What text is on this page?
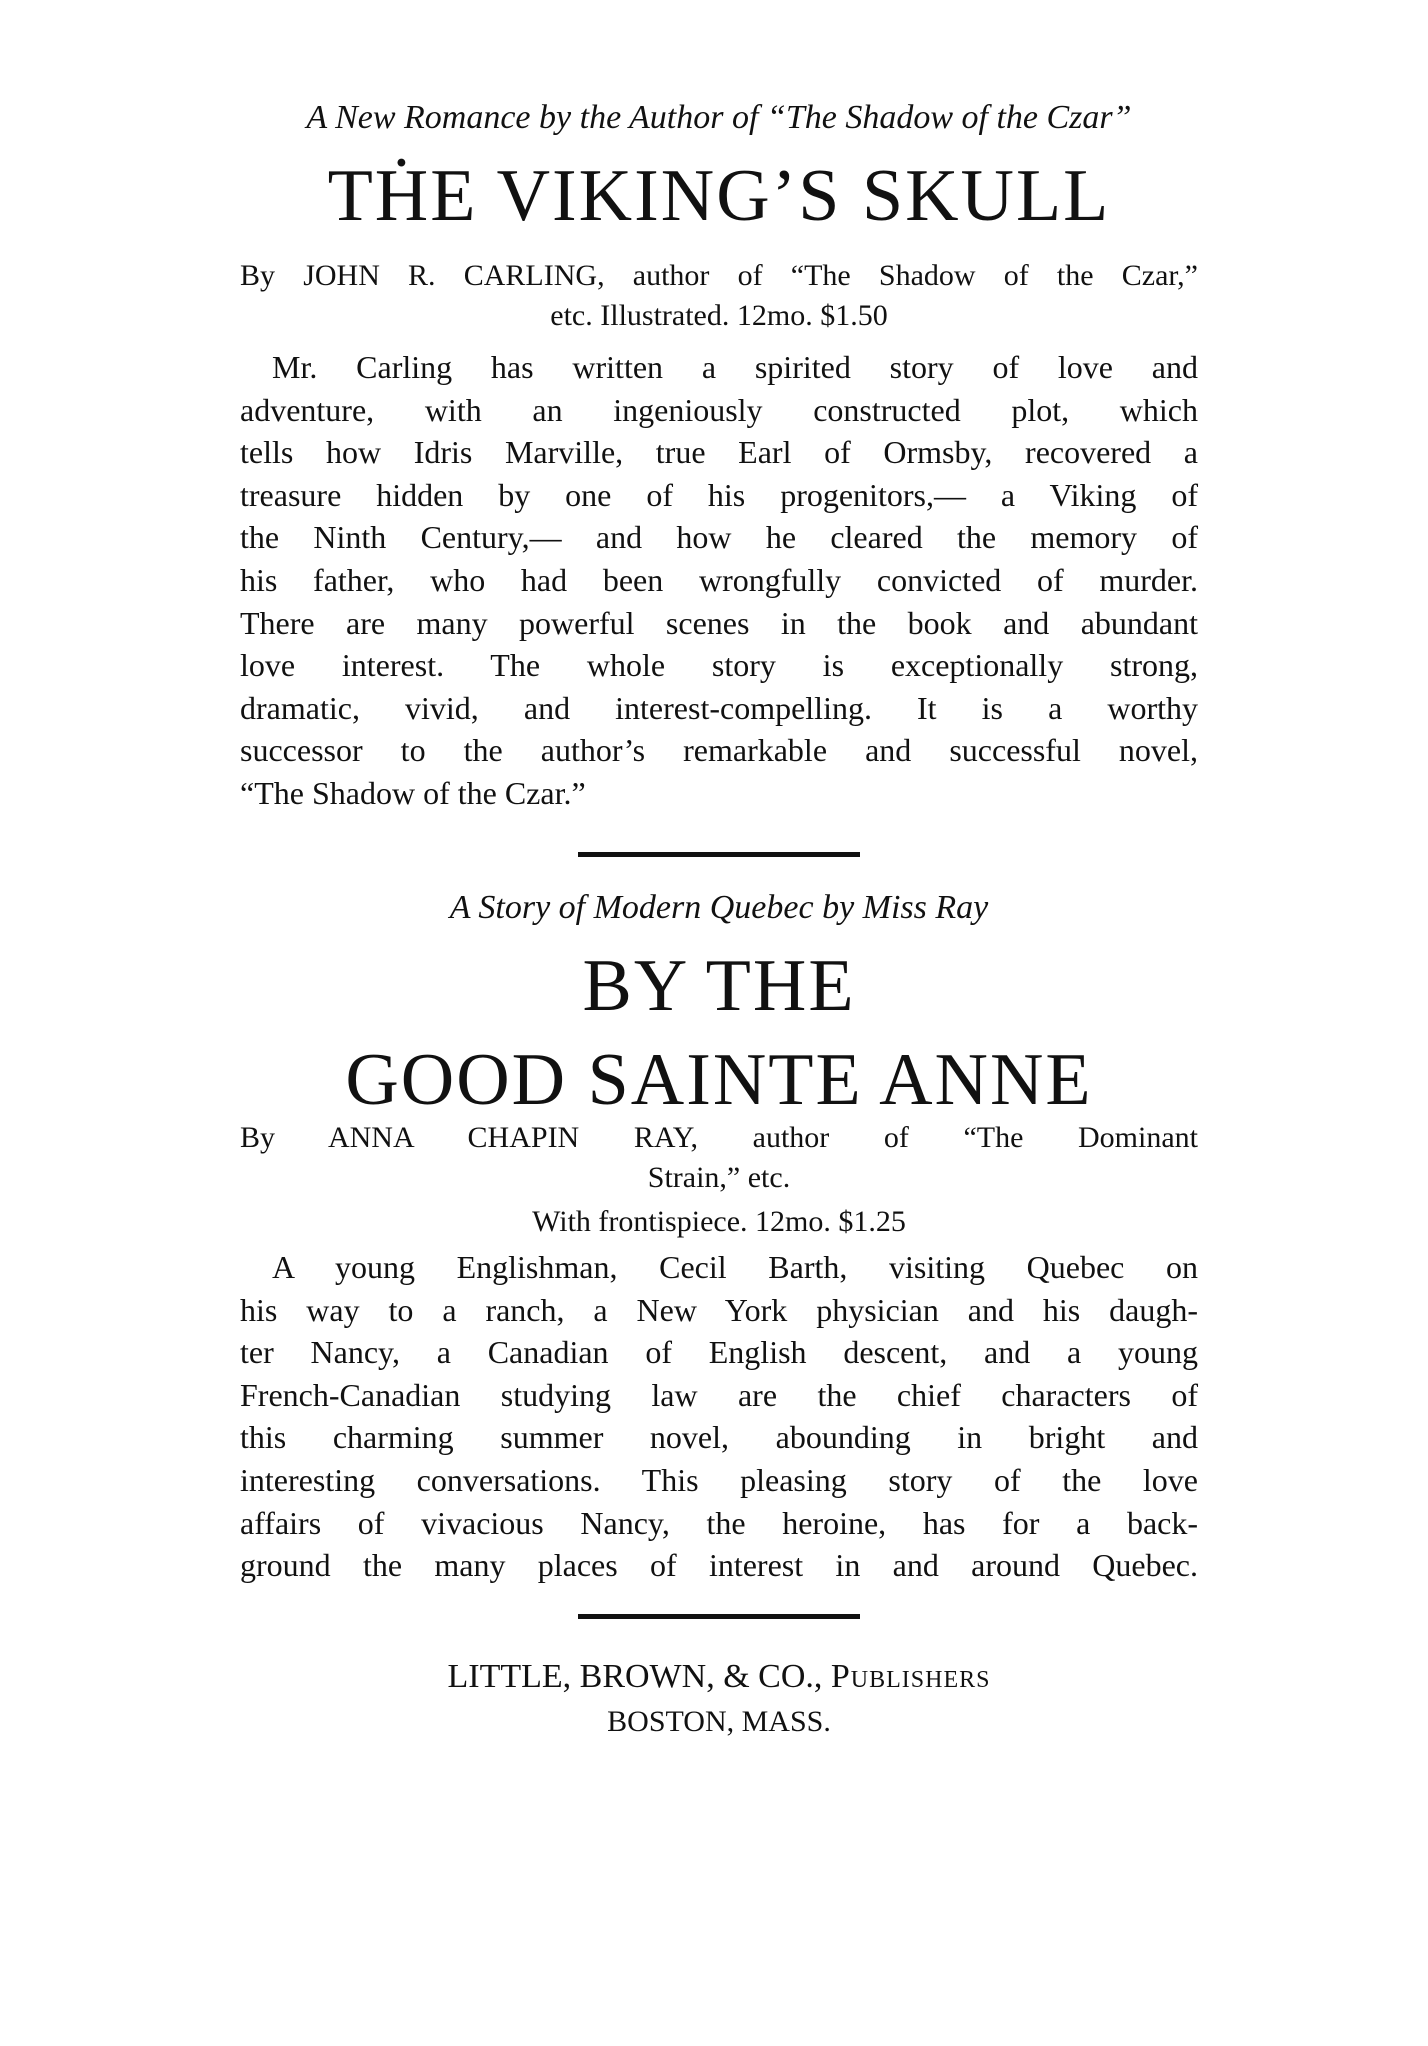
A New Romance by the Author of “The Shadow of the Czar”
TḢE VIKING’S SKULL
By JOHN R. CARLING, author of “The Shadow of the Czar,”
etc. Illustrated. 12mo. $1.50
Mr. Carling has written a spirited story of love and
adventure, with an ingeniously constructed plot, which
tells how Idris Marville, true Earl of Ormsby, recovered a
treasure hidden by one of his progenitors,— a Viking of
the Ninth Century,— and how he cleared the memory of
his father, who had been wrongfully convicted of murder.
There are many powerful scenes in the book and abundant
love interest. The whole story is exceptionally strong,
dramatic, vivid, and interest-compelling. It is a worthy
successor to the author’s remarkable and successful novel,
“The Shadow of the Czar.”
A Story of Modern Quebec by Miss Ray
BY THE
GOOD SAINTE ANNE
By ANNA CHAPIN RAY, author of “The Dominant
Strain,” etc.
With frontispiece. 12mo. $1.25
A young Englishman, Cecil Barth, visiting Quebec on
his way to a ranch, a New York physician and his daugh-
ter Nancy, a Canadian of English descent, and a young
French-Canadian studying law are the chief characters of
this charming summer novel, abounding in bright and
interesting conversations. This pleasing story of the love
affairs of vivacious Nancy, the heroine, has for a back-
ground the many places of interest in and around Quebec.
LITTLE, BROWN, & CO., Publishers
BOSTON, MASS.
